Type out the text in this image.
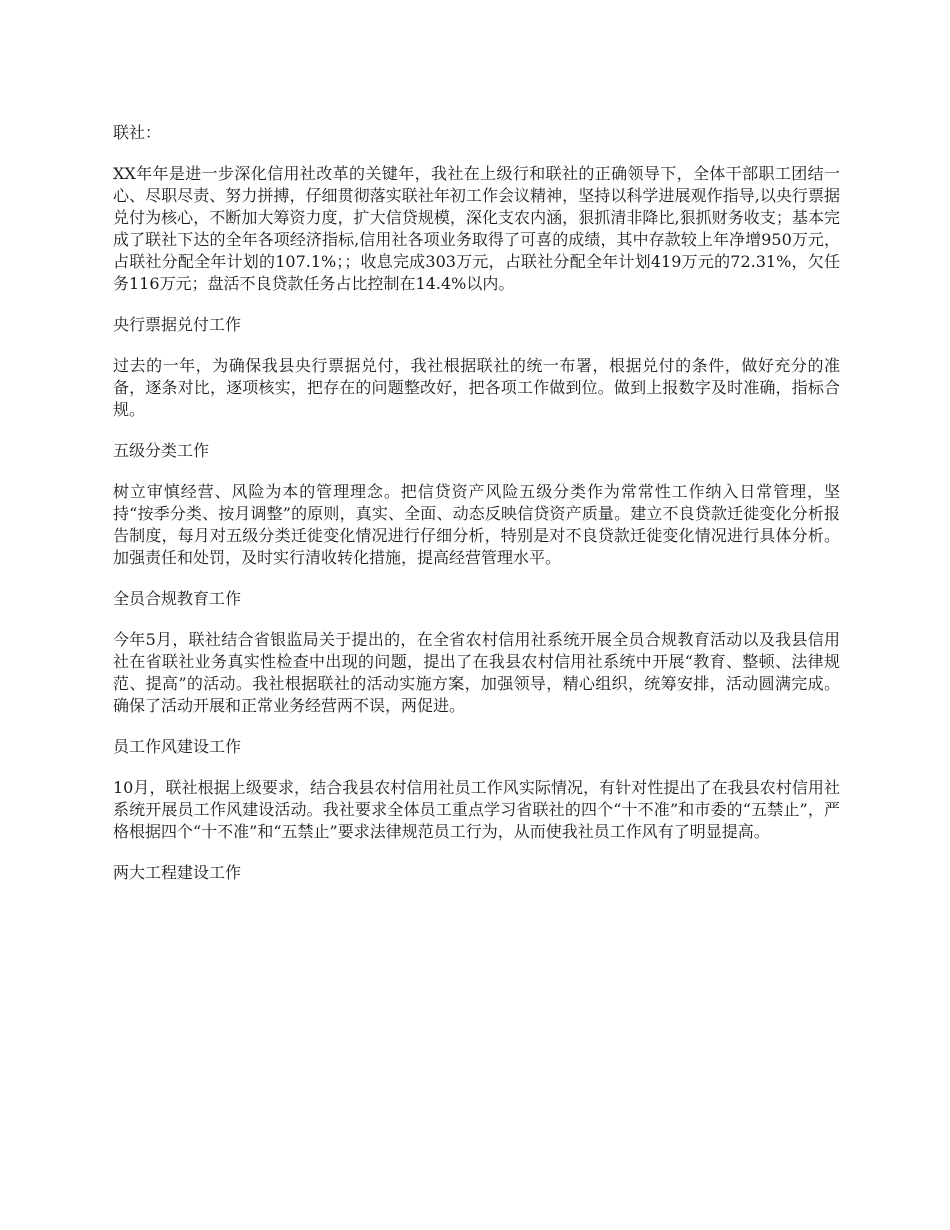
联社：

XX年年是进一步深化信用社改革的关键年，我社在上级行和联社的正确领导下，全体干部职工团结一心、尽职尽责、努力拼搏，仔细贯彻落实联社年初工作会议精神，坚持以科学进展观作指导,以央行票据兑付为核心，不断加大筹资力度，扩大信贷规模，深化支农内涵，狠抓清非降比,狠抓财务收支；基本完成了联社下达的全年各项经济指标,信用社各项业务取得了可喜的成绩，其中存款较上年净增950万元，占联社分配全年计划的107.1%；；收息完成303万元，占联社分配全年计划419万元的72.31%，欠任务116万元；盘活不良贷款任务占比控制在14.4%以内。

央行票据兑付工作

过去的一年，为确保我县央行票据兑付，我社根据联社的统一布署，根据兑付的条件，做好充分的准备，逐条对比，逐项核实，把存在的问题整改好，把各项工作做到位。做到上报数字及时准确，指标合规。

五级分类工作

树立审慎经营、风险为本的管理理念。把信贷资产风险五级分类作为常常性工作纳入日常管理，坚持“按季分类、按月调整”的原则，真实、全面、动态反映信贷资产质量。建立不良贷款迁徙变化分析报告制度，每月对五级分类迁徙变化情况进行仔细分析，特别是对不良贷款迁徙变化情况进行具体分析。加强责任和处罚，及时实行清收转化措施，提高经营管理水平。

全员合规教育工作

今年5月，联社结合省银监局关于提出的，在全省农村信用社系统开展全员合规教育活动以及我县信用社在省联社业务真实性检查中出现的问题，提出了在我县农村信用社系统中开展“教育、整顿、法律规范、提高”的活动。我社根据联社的活动实施方案，加强领导，精心组织，统筹安排，活动圆满完成。确保了活动开展和正常业务经营两不误，两促进。

员工作风建设工作

10月，联社根据上级要求，结合我县农村信用社员工作风实际情况，有针对性提出了在我县农村信用社系统开展员工作风建设活动。我社要求全体员工重点学习省联社的四个“十不准”和市委的“五禁止”，严格根据四个“十不准”和“五禁止”要求法律规范员工行为，从而使我社员工作风有了明显提高。

两大工程建设工作
